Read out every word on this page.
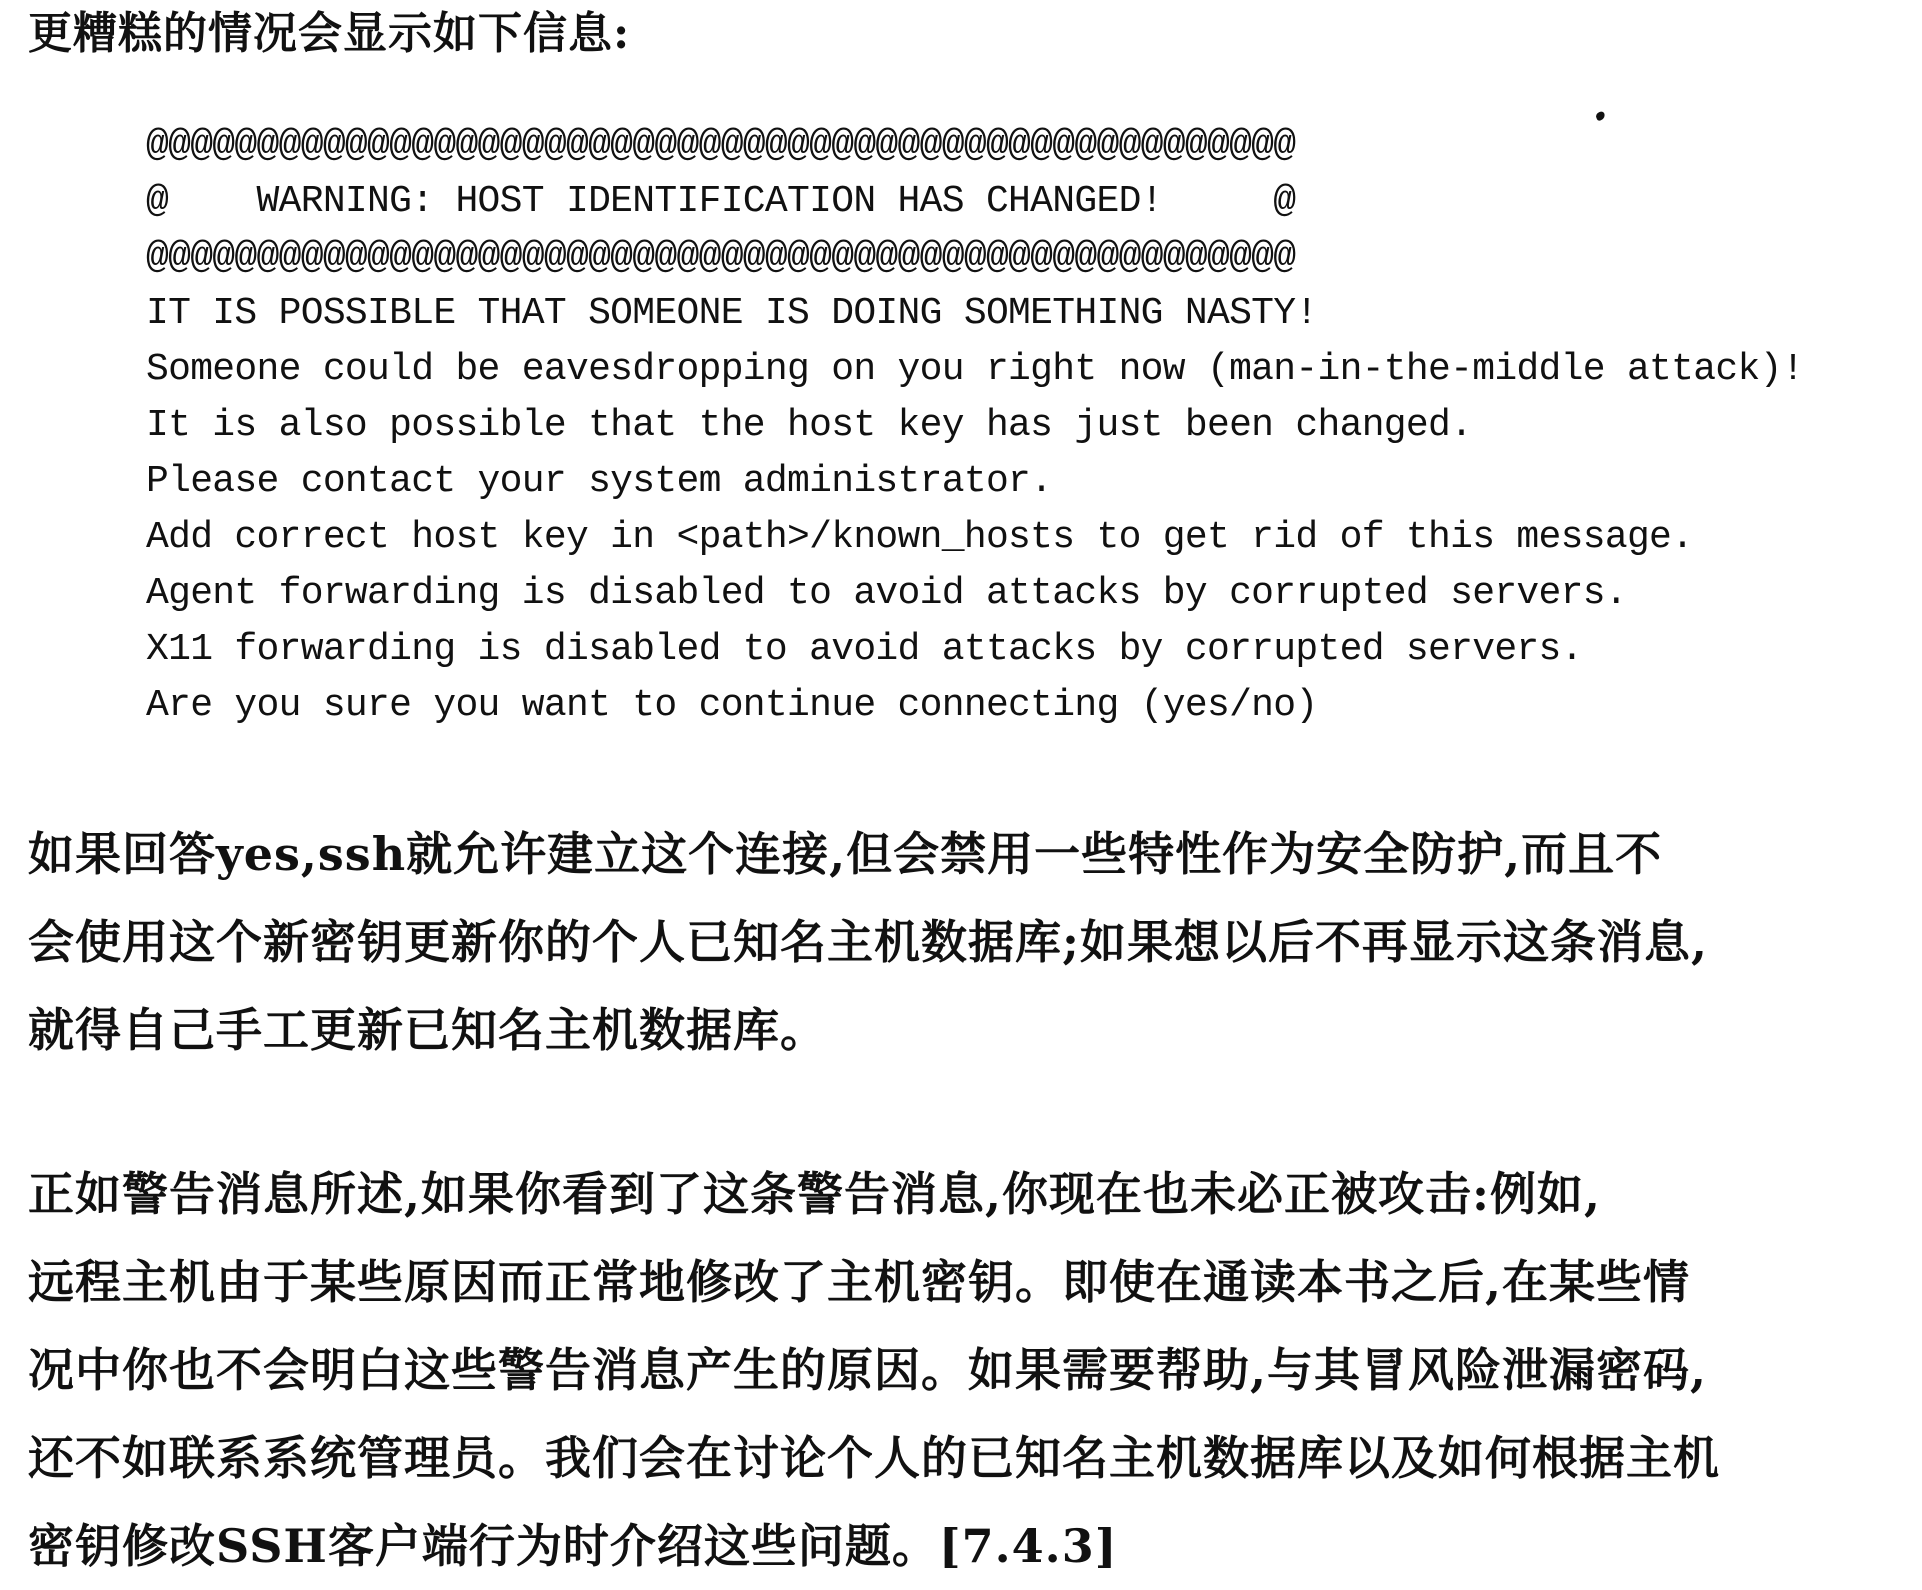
更糟糕的情况会显示如下信息:

@@@@@@@@@@@@@@@@@@@@@@@@@@@@@@@@@@@@@@@@@@@@@@@@@@@@
@    WARNING: HOST IDENTIFICATION HAS CHANGED!     @
@@@@@@@@@@@@@@@@@@@@@@@@@@@@@@@@@@@@@@@@@@@@@@@@@@@@
IT IS POSSIBLE THAT SOMEONE IS DOING SOMETHING NASTY!
Someone could be eavesdropping on you right now (man-in-the-middle attack)!
It is also possible that the host key has just been changed.
Please contact your system administrator.
Add correct host key in <path>/known_hosts to get rid of this message.
Agent forwarding is disabled to avoid attacks by corrupted servers.
X11 forwarding is disabled to avoid attacks by corrupted servers.
Are you sure you want to continue connecting (yes/no)
如果回答yes,ssh就允许建立这个连接,但会禁用一些特性作为安全防护,而且不
会使用这个新密钥更新你的个人已知名主机数据库;如果想以后不再显示这条消息,
就得自己手工更新已知名主机数据库。
正如警告消息所述,如果你看到了这条警告消息,你现在也未必正被攻击:例如,
远程主机由于某些原因而正常地修改了主机密钥。即使在通读本书之后,在某些情
况中你也不会明白这些警告消息产生的原因。如果需要帮助,与其冒风险泄漏密码,
还不如联系系统管理员。我们会在讨论个人的已知名主机数据库以及如何根据主机
密钥修改SSH客户端行为时介绍这些问题。[7.4.3]
